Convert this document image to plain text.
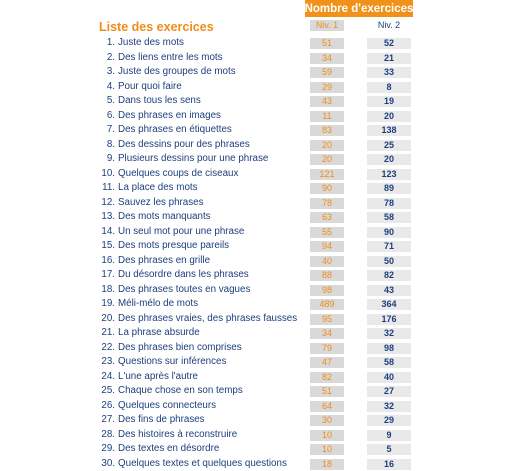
Nombre d'exercices
Liste des exercices	Niv. 1	Niv. 2
1. Juste des mots	51	52
2. Des liens entre les mots	34	21
3. Juste des groupes de mots	59	33
4. Pour quoi faire	29	8
5. Dans tous les sens	43	19
6. Des phrases en images	11	20
7. Des phrases en étiquettes	83	138
8. Des dessins pour des phrases	20	25
9. Plusieurs dessins pour une phrase	20	20
10. Quelques coups de ciseaux	121	123
11. La place des mots	90	89
12. Sauvez les phrases	78	78
13. Des mots manquants	63	58
14. Un seul mot pour une phrase	55	90
15. Des mots presque pareils	94	71
16. Des phrases en grille	40	50
17. Du désordre dans les phrases	88	82
18. Des phrases toutes en vagues	98	43
19. Méli-mélo de mots	489	364
20. Des phrases vraies, des phrases fausses	95	176
21. La phrase absurde	34	32
22. Des phrases bien comprises	79	98
23. Questions sur inférences	47	58
24. L'une après l'autre	82	40
25. Chaque chose en son temps	51	27
26. Quelques connecteurs	64	32
27. Des fins de phrases	30	29
28. Des histoires à reconstruire	10	9
29. Des textes en désordre	10	5
30. Quelques textes et quelques questions	18	16
